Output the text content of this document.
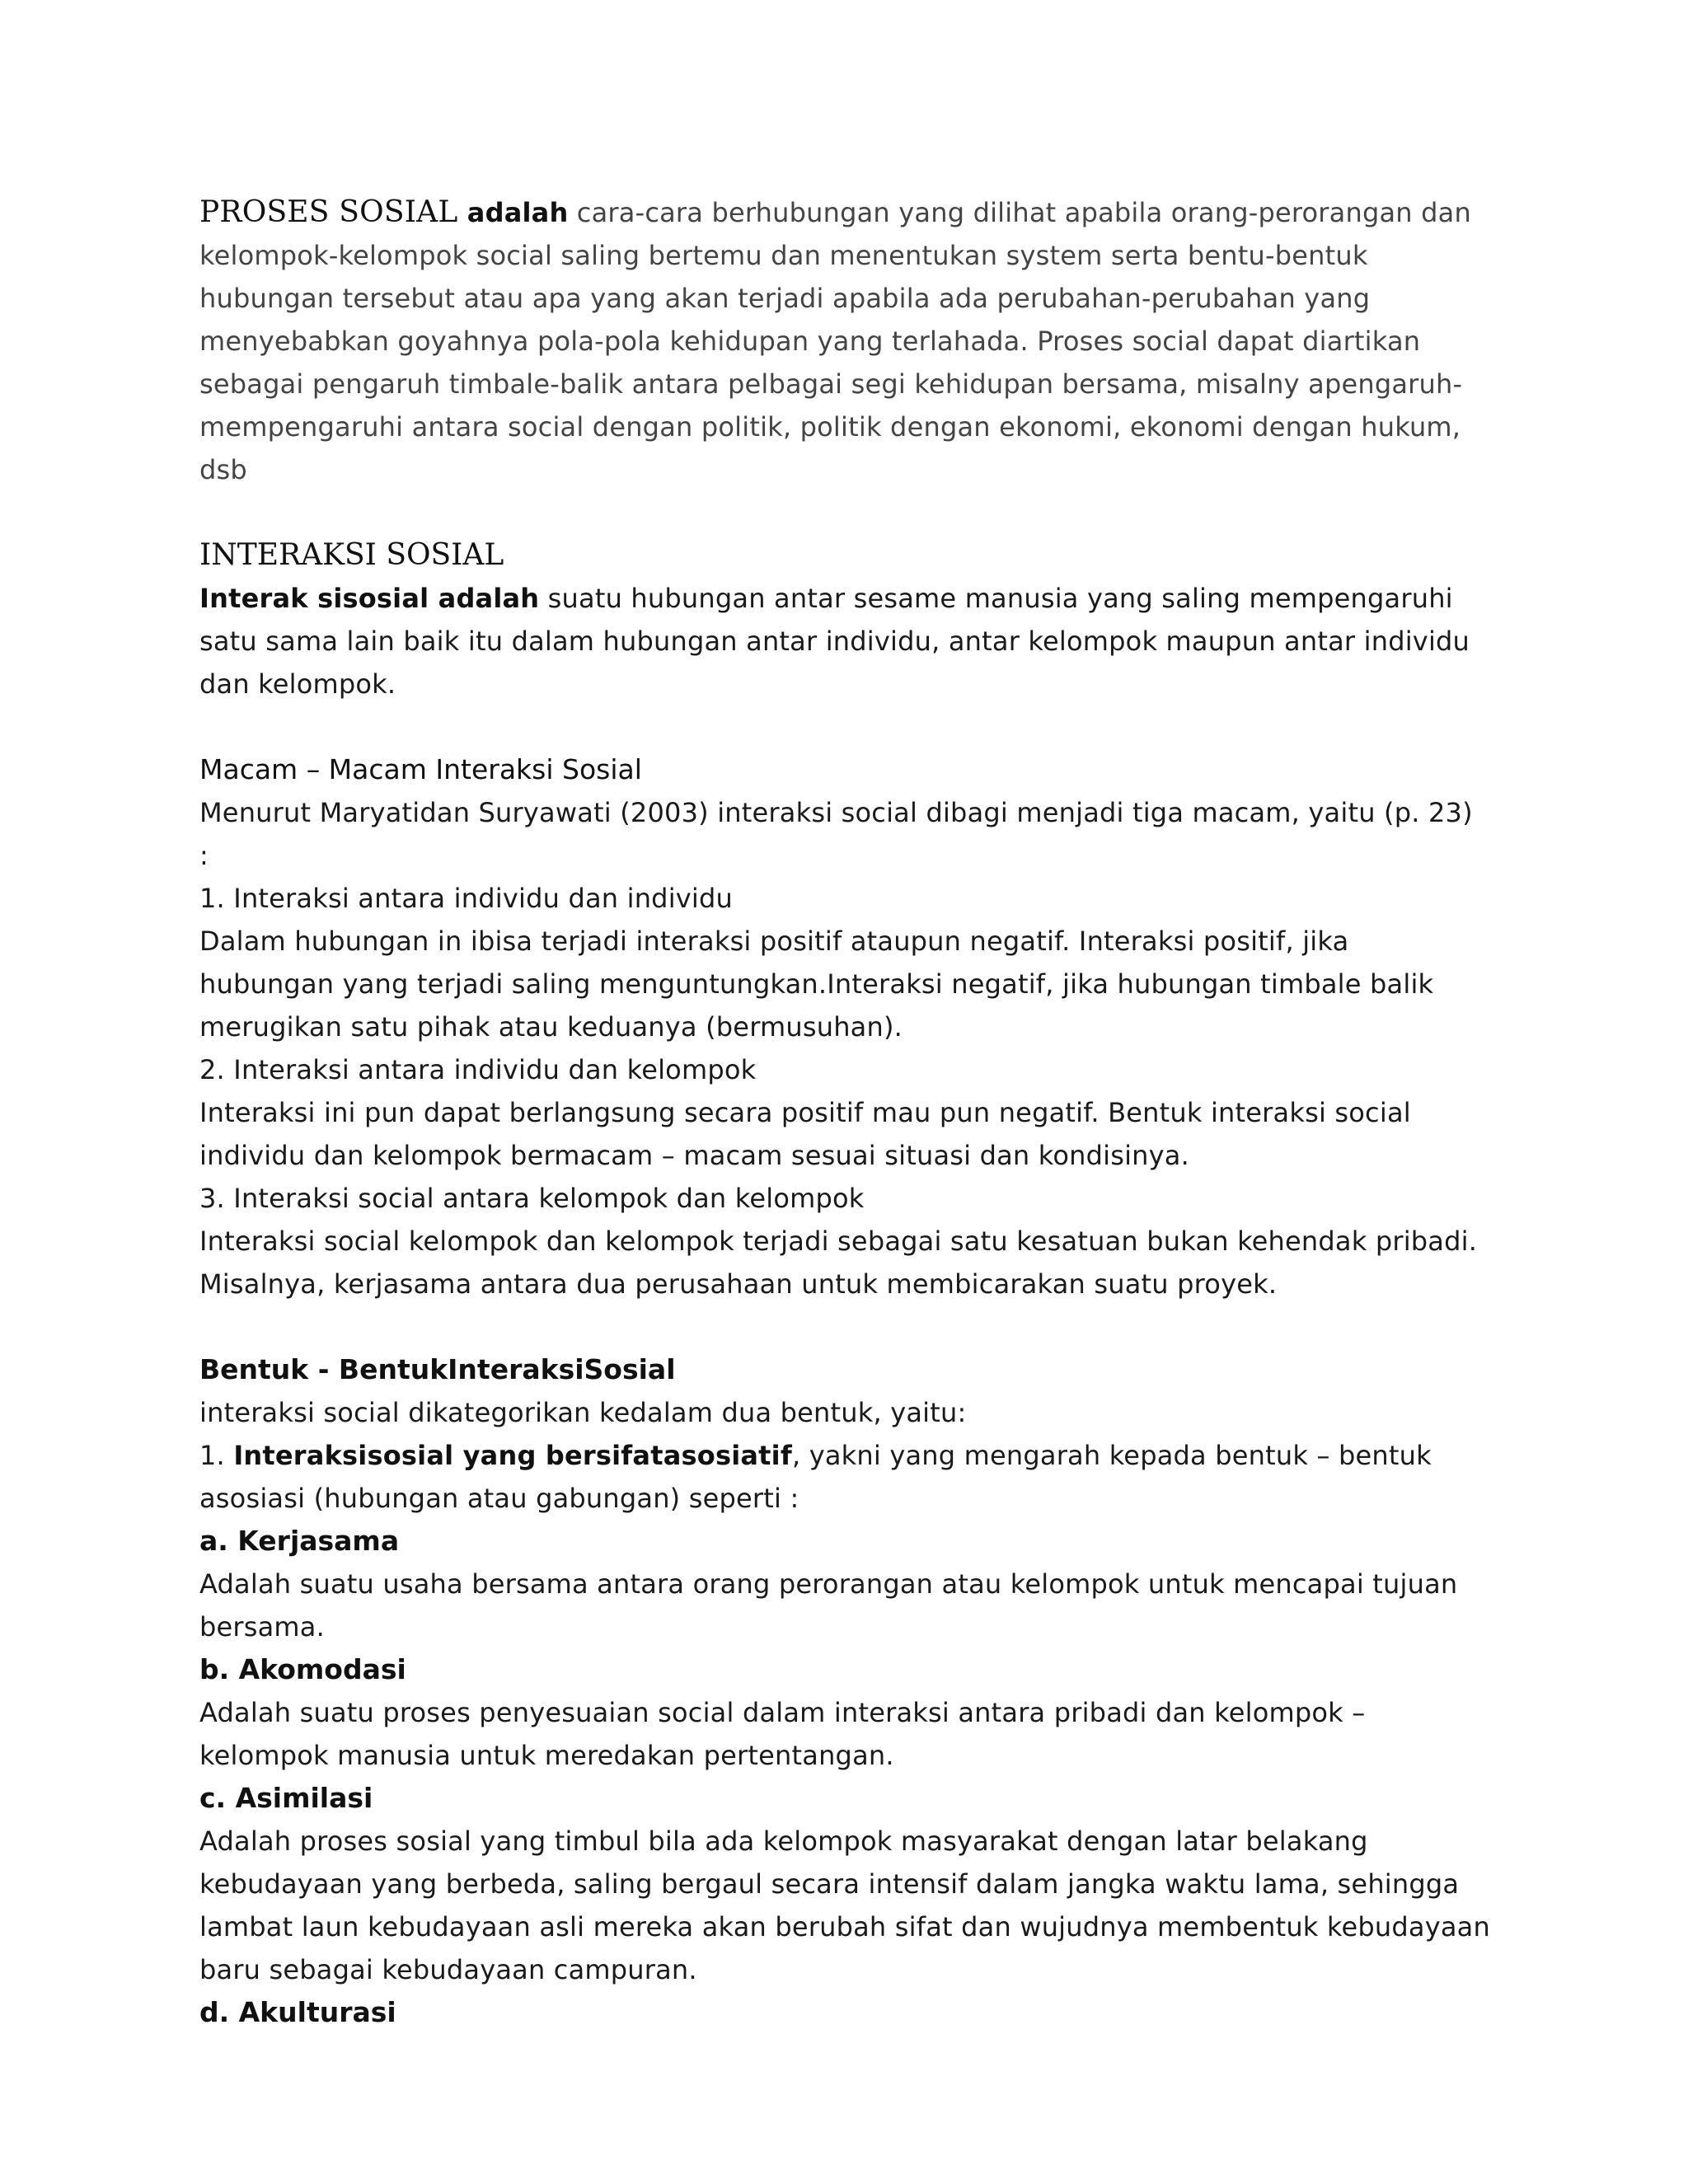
PROSES SOSIAL adalah cara-cara berhubungan yang dilihat apabila orang-perorangan dan kelompok-kelompok social saling bertemu dan menentukan system serta bentu-bentuk hubungan tersebut atau apa yang akan terjadi apabila ada perubahan-perubahan yang menyebabkan goyahnya pola-pola kehidupan yang terlahada. Proses social dapat diartikan sebagai pengaruh timbale-balik antara pelbagai segi kehidupan bersama, misalny apengaruh-mempengaruhi antara social dengan politik, politik dengan ekonomi, ekonomi dengan hukum, dsb

INTERAKSI SOSIAL

Interak sisosial adalah suatu hubungan antar sesame manusia yang saling mempengaruhi satu sama lain baik itu dalam hubungan antar individu, antar kelompok maupun antar individu dan kelompok.

Macam – Macam Interaksi Sosial

Menurut Maryatidan Suryawati (2003) interaksi social dibagi menjadi tiga macam, yaitu (p. 23) :

1. Interaksi antara individu dan individu

Dalam hubungan in ibisa terjadi interaksi positif ataupun negatif. Interaksi positif, jika hubungan yang terjadi saling menguntungkan.Interaksi negatif, jika hubungan timbale balik merugikan satu pihak atau keduanya (bermusuhan).

2. Interaksi antara individu dan kelompok

Interaksi ini pun dapat berlangsung secara positif mau pun negatif. Bentuk interaksi social individu dan kelompok bermacam – macam sesuai situasi dan kondisinya.

3. Interaksi social antara kelompok dan kelompok

Interaksi social kelompok dan kelompok terjadi sebagai satu kesatuan bukan kehendak pribadi. Misalnya, kerjasama antara dua perusahaan untuk membicarakan suatu proyek.

Bentuk - BentukInteraksiSosial

interaksi social dikategorikan kedalam dua bentuk, yaitu:

1. Interaksisosial yang bersifatasosiatif, yakni yang mengarah kepada bentuk – bentuk asosiasi (hubungan atau gabungan) seperti :

a. Kerjasama

Adalah suatu usaha bersama antara orang perorangan atau kelompok untuk mencapai tujuan bersama.

b. Akomodasi

Adalah suatu proses penyesuaian social dalam interaksi antara pribadi dan kelompok – kelompok manusia untuk meredakan pertentangan.

c. Asimilasi

Adalah proses sosial yang timbul bila ada kelompok masyarakat dengan latar belakang kebudayaan yang berbeda, saling bergaul secara intensif dalam jangka waktu lama, sehingga lambat laun kebudayaan asli mereka akan berubah sifat dan wujudnya membentuk kebudayaan baru sebagai kebudayaan campuran.

d. Akulturasi
